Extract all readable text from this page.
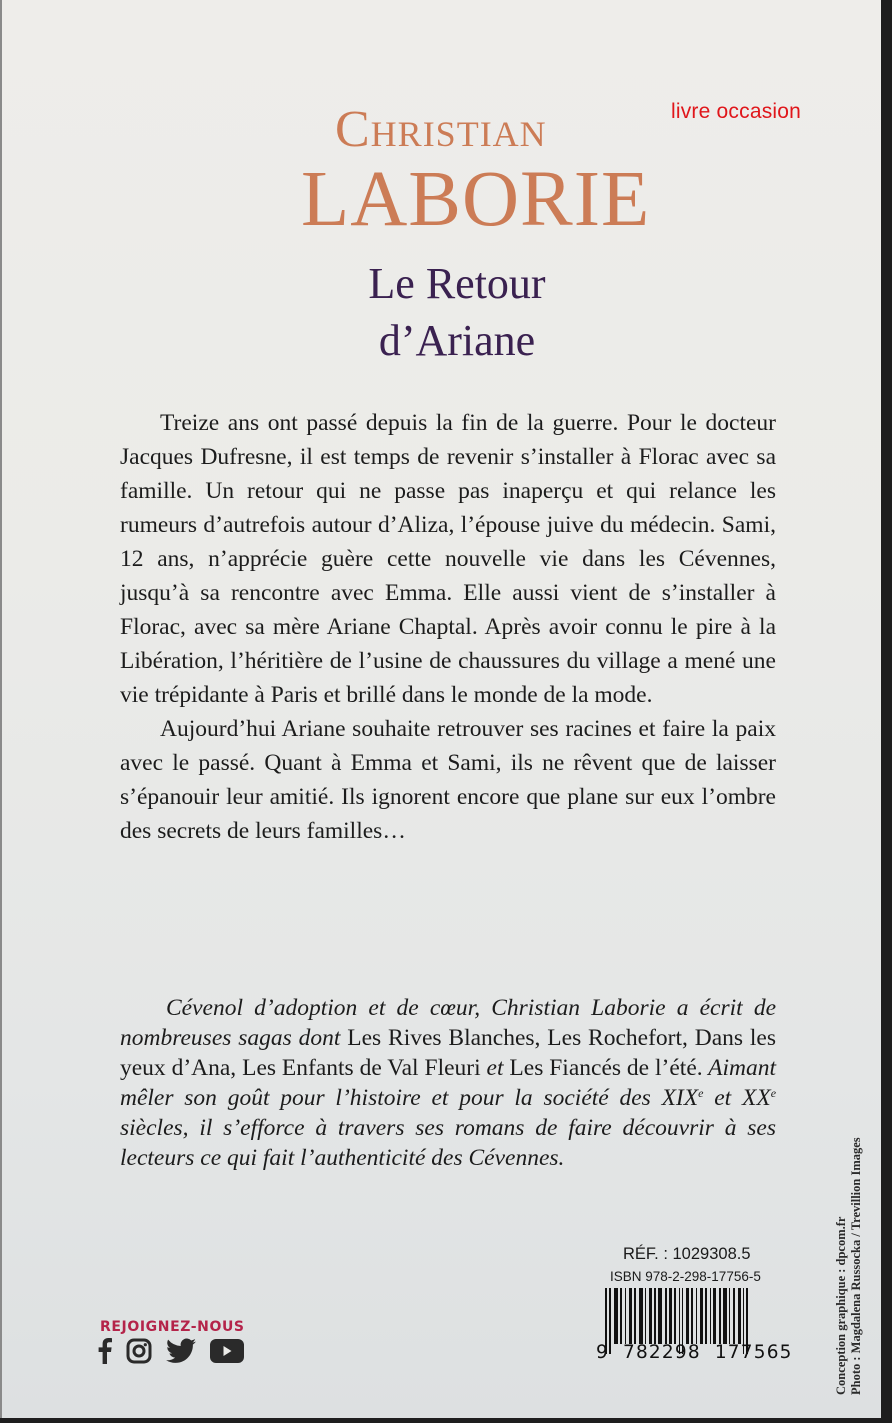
livre occasion
Christian
LABORIE
Le Retour
d’Ariane

Treize ans ont passé depuis la fin de la guerre. Pour le docteur Jacques Dufresne, il est temps de revenir s’installer à Florac avec sa famille. Un retour qui ne passe pas inaperçu et qui relance les rumeurs d’autrefois autour d’Aliza, l’épouse juive du médecin. Sami, 12 ans, n’apprécie guère cette nouvelle vie dans les Cévennes, jusqu’à sa rencontre avec Emma. Elle aussi vient de s’installer à Florac, avec sa mère Ariane Chaptal. Après avoir connu le pire à la Libération, l’héritière de l’usine de chaussures du village a mené une vie trépidante à Paris et brillé dans le monde de la mode.

Aujourd’hui Ariane souhaite retrouver ses racines et faire la paix avec le passé. Quant à Emma et Sami, ils ne rêvent que de laisser s’épanouir leur amitié. Ils ignorent encore que plane sur eux l’ombre des secrets de leurs familles…

Cévenol d’adoption et de cœur, Christian Laborie a écrit de nombreuses sagas dont Les Rives Blanches, Les Rochefort, Dans les yeux d’Ana, Les Enfants de Val Fleuri et Les Fiancés de l’été. Aimant mêler son goût pour l’histoire et pour la société des XIXe et XXe siècles, il s’efforce à travers ses romans de faire découvrir à ses lecteurs ce qui fait l’authenticité des Cévennes.
RÉF. : 1029308.5
ISBN 978-2-298-17756-5
9 782298 177565	Conception graphique : dpcom.fr Photo : Magdalena Russocka / Trevillion Images
REJOIGNEZ-NOUS
